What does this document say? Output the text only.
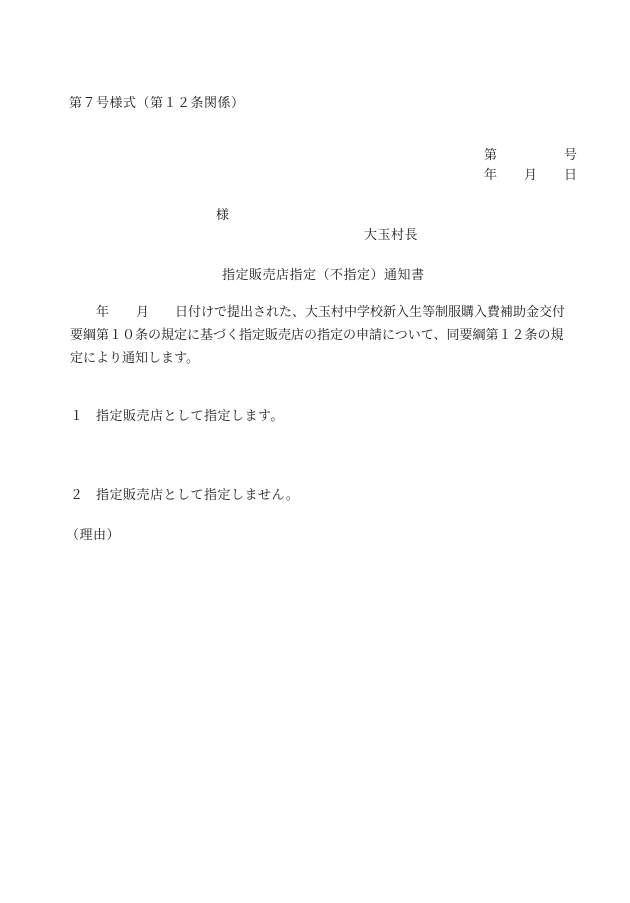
第７号様式（第１２条関係）
第	号
年 月 日
様
大玉村長
指定販売店指定（不指定）通知書
年 月 日付けで提出された、大玉村中学校新入生等制服購入費補助金交付
要綱第１０条の規定に基づく指定販売店の指定の申請について、同要綱第１２条の規
定により通知します。
１ 指定販売店として指定します。
２ 指定販売店として指定しません。
（理由）
